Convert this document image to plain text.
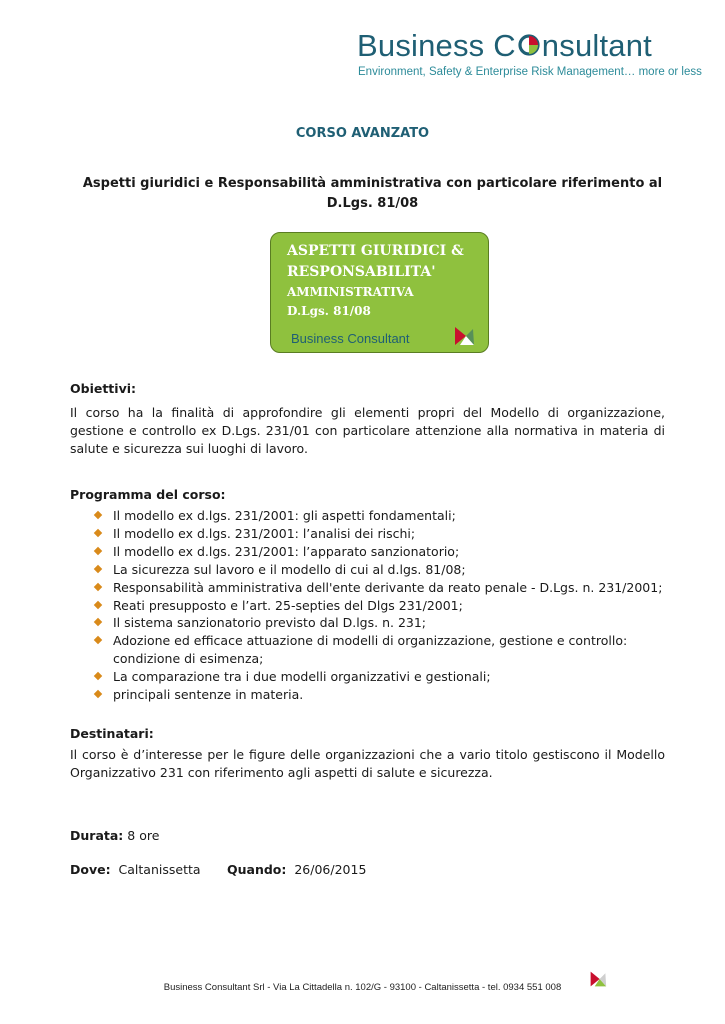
Business C nsultant
Environment, Safety & Enterprise Risk Management… more or less
CORSO AVANZATO
Aspetti giuridici e Responsabilità amministrativa con particolare riferimento al D.Lgs. 81/08
ASPETTI GIURIDICI &
RESPONSABILITA'
AMMINISTRATIVA
D.Lgs. 81/08
Business Consultant
Obiettivi:
Il corso ha la finalità di approfondire gli elementi propri del Modello di organizzazione, gestione e controllo ex D.Lgs. 231/01 con particolare attenzione alla normativa in materia di salute e sicurezza sui luoghi di lavoro.
Programma del corso:
Il modello ex d.lgs. 231/2001: gli aspetti fondamentali;
Il modello ex d.lgs. 231/2001: l’analisi dei rischi;
Il modello ex d.lgs. 231/2001: l’apparato sanzionatorio;
La sicurezza sul lavoro e il modello di cui al d.lgs. 81/08;
Responsabilità amministrativa dell'ente derivante da reato penale - D.Lgs. n. 231/2001;
Reati presupposto e l’art. 25-septies del Dlgs 231/2001;
Il sistema sanzionatorio previsto dal D.lgs. n. 231;
Adozione ed efficace attuazione di modelli di organizzazione, gestione e controllo: condizione di esimenza;
La comparazione tra i due modelli organizzativi e gestionali;
principali sentenze in materia.
Destinatari:
Il corso è d’interesse per le figure delle organizzazioni che a vario titolo gestiscono il Modello Organizzativo 231 con riferimento agli aspetti di salute e sicurezza.
Durata: 8 ore
Dove: Caltanissetta Quando: 26/06/2015
Business Consultant Srl - Via La Cittadella n. 102/G - 93100 - Caltanissetta - tel. 0934 551 008
